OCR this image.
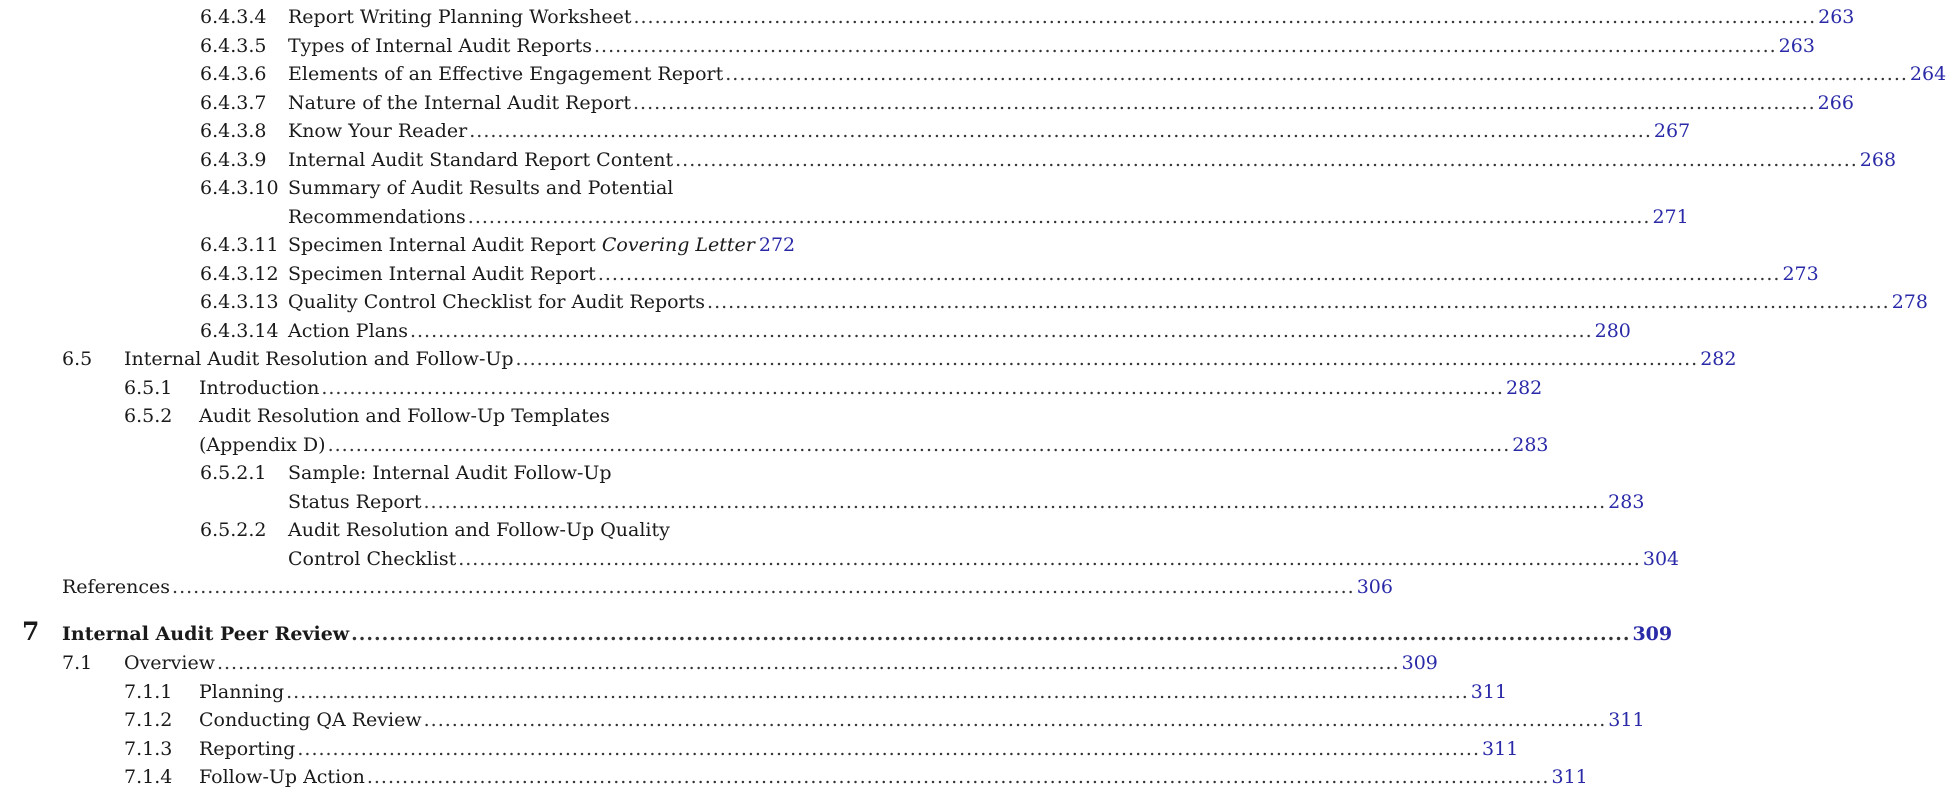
6.4.3.4 Report Writing Planning Worksheet .....	263
6.4.3.5 Types of Internal Audit Reports .....	263
6.4.3.6 Elements of an Effective Engagement Report .....	264
6.4.3.7 Nature of the Internal Audit Report .....	266
6.4.3.8 Know Your Reader .....	267
6.4.3.9 Internal Audit Standard Report Content .....	268
6.4.3.10 Summary of Audit Results and Potential
Recommendations .....	271
6.4.3.11 Specimen Internal Audit Report Covering Letter 272
6.4.3.12 Specimen Internal Audit Report .....	273
6.4.3.13 Quality Control Checklist for Audit Reports .....	278
6.4.3.14 Action Plans .....	280
6.5 Internal Audit Resolution and Follow-Up .....	282
6.5.1 Introduction .....	282
6.5.2 Audit Resolution and Follow-Up Templates
(Appendix D) .....	283
6.5.2.1 Sample: Internal Audit Follow-Up
Status Report .....	283
6.5.2.2 Audit Resolution and Follow-Up Quality
Control Checklist .....	304
References .....	306
7 Internal Audit Peer Review .....	309
7.1 Overview .....	309
7.1.1 Planning .....	311
7.1.2 Conducting QA Review .....	311
7.1.3 Reporting .....	311
7.1.4 Follow-Up Action .....	311
